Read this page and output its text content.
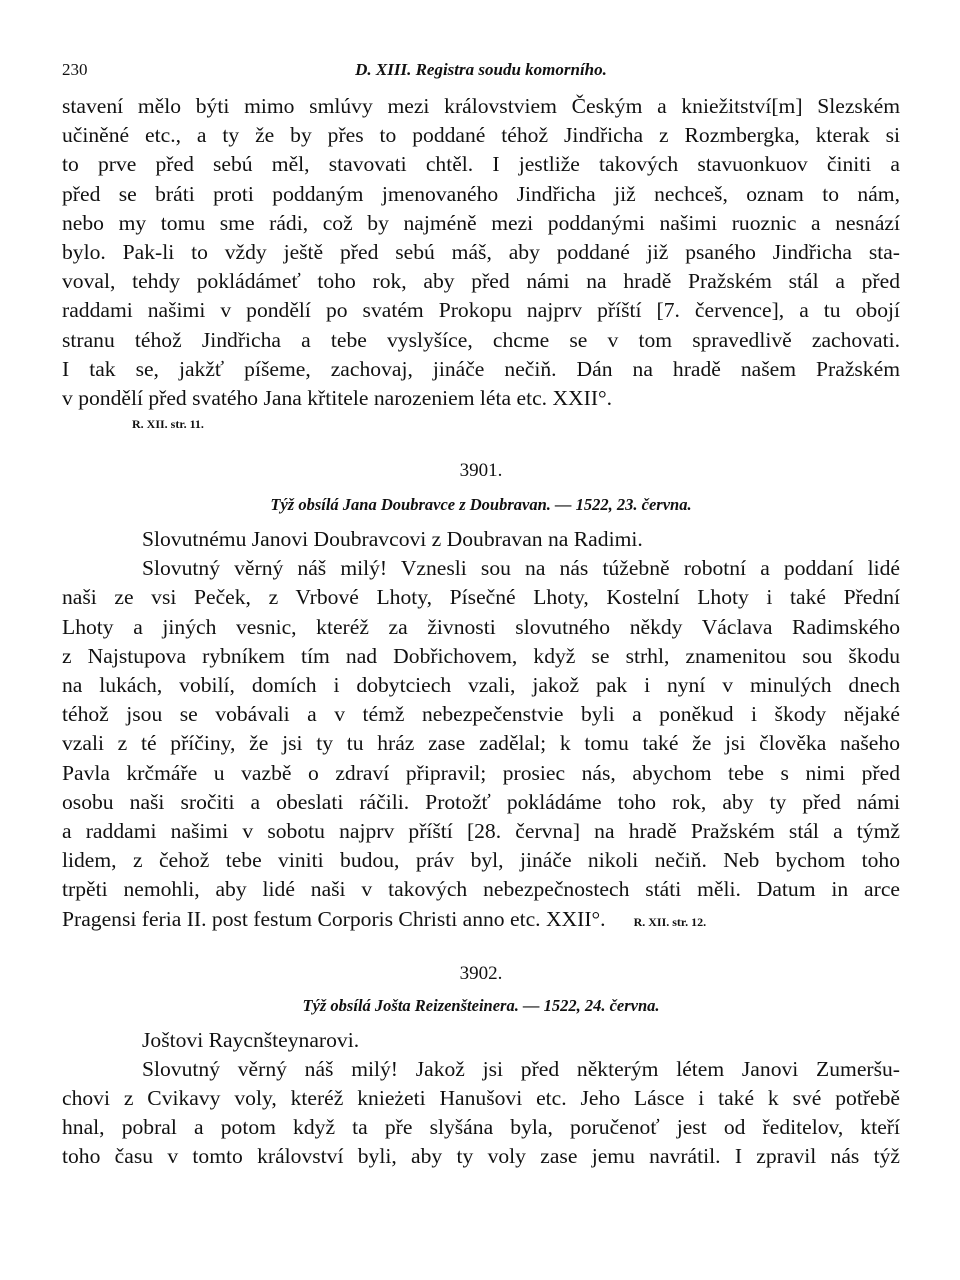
230	D. XIII. Registra soudu komorního.
stavení mělo býti mimo smlúvy mezi královstviem Českým a kniežitství[m] Slezském
učiněné etc., a ty že by přes to poddané téhož Jindřicha z Rozmbergka, kterak si
to prve před sebú měl, stavovati chtěl. I jestliže takových stavuonkuov činiti a
před se bráti proti poddaným jmenovaného Jindřicha již nechceš, oznam to nám,
nebo my tomu sme rádi, což by najméně mezi poddanými našimi ruoznic a nesnází
bylo. Pak-li to vždy ještě před sebú máš, aby poddané již psaného Jindřicha sta-
voval, tehdy pokládámeť toho rok, aby před námi na hradě Pražském stál a před
raddami našimi v pondělí po svatém Prokopu najprv příští [7. července], a tu obojí
stranu téhož Jindřicha a tebe vyslyšíce, chcme se v tom spravedlivě zachovati.
I tak se, jakžť píšeme, zachovaj, jináče nečiň. Dán na hradě našem Pražském
v pondělí před svatého Jana křtitele narozeniem léta etc. XXII°.
R. XII. str. 11.
3901.
Týž obsílá Jana Doubravce z Doubravan. — 1522, 23. června.
Slovutnému Janovi Doubravcovi z Doubravan na Radimi.
Slovutný věrný náš milý! Vznesli sou na nás túžebně robotní a poddaní lidé
naši ze vsi Peček, z Vrbové Lhoty, Písečné Lhoty, Kostelní Lhoty i také Přední
Lhoty a jiných vesnic, kteréž za živnosti slovutného někdy Václava Radimského
z Najstupova rybníkem tím nad Dobřichovem, když se strhl, znamenitou sou škodu
na lukách, vobilí, domích i dobytciech vzali, jakož pak i nyní v minulých dnech
téhož jsou se vobávali a v témž nebezpečenstvie byli a poněkud i škody nějaké
vzali z té příčiny, že jsi ty tu hráz zase zadělal; k tomu také že jsi člověka našeho
Pavla krčmáře u vazbě o zdraví připravil; prosiec nás, abychom tebe s nimi před
osobu naši sročiti a obeslati ráčili. Protožť pokládáme toho rok, aby ty před námi
a raddami našimi v sobotu najprv příští [28. června] na hradě Pražském stál a týmž
lidem, z čehož tebe viniti budou, práv byl, jináče nikoli nečiň. Neb bychom toho
trpěti nemohli, aby lidé naši v takových nebezpečnostech státi měli. Datum in arce
Pragensi feria II. post festum Corporis Christi anno etc. XXII°. R. XII. str. 12.
3902.
Týž obsílá Jošta Reizenšteinera. — 1522, 24. června.
Joštovi Raycnšteynarovi.
Slovutný věrný náš milý! Jakož jsi před některým létem Janovi Zumeršu-
chovi z Cvikavy voly, kteréž knieżeti Hanušovi etc. Jeho Lásce i také k své potřebě
hnal, pobral a potom když ta pře slyšána byla, poručenoť jest od ředitelov, kteří
toho času v tomto království byli, aby ty voly zase jemu navrátil. I zpravil nás týž
